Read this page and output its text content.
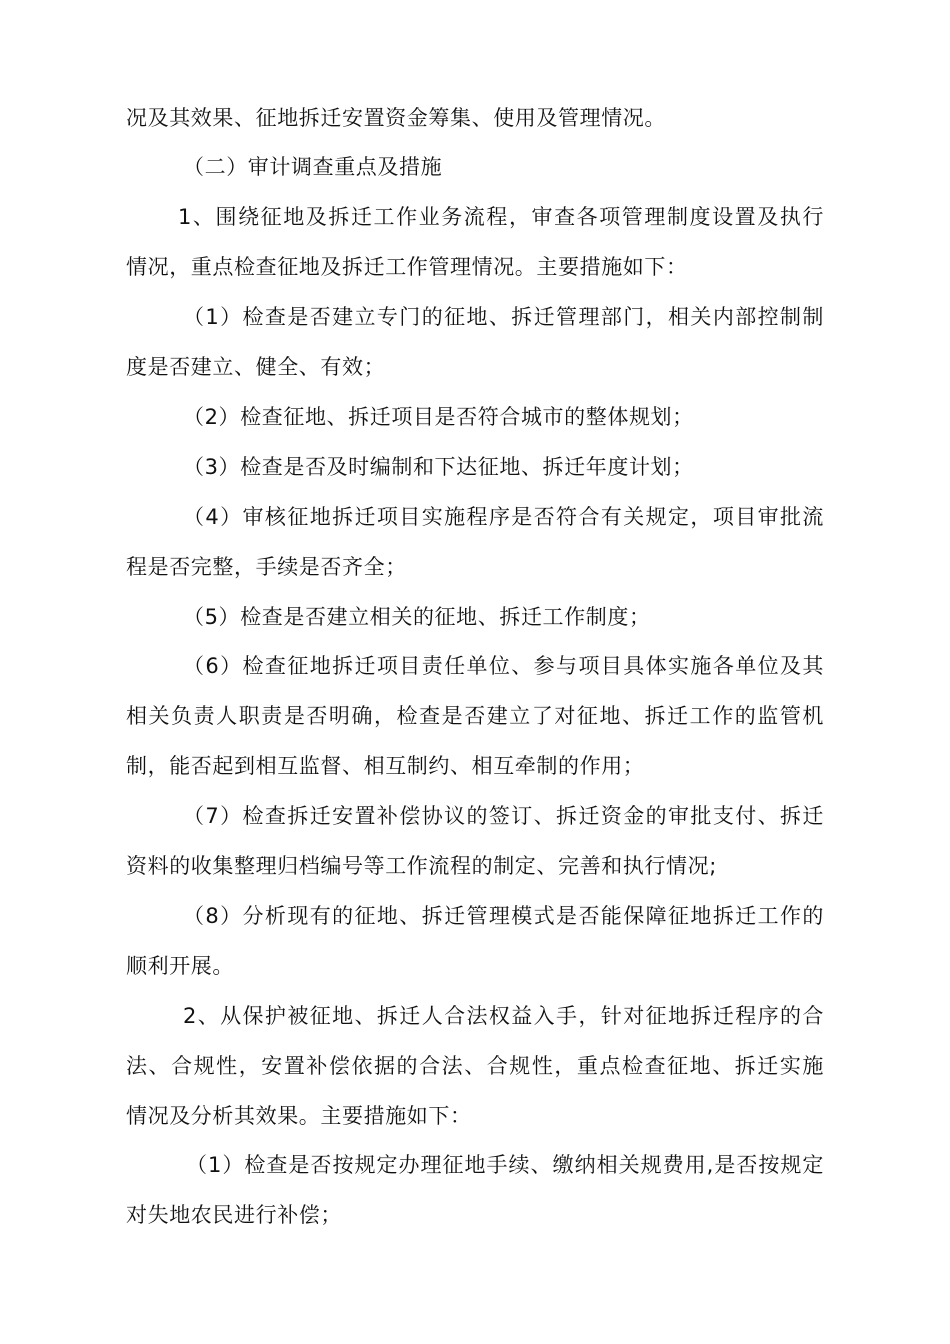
况及其效果、征地拆迁安置资金筹集、使用及管理情况。
（二）审计调查重点及措施
1、围绕征地及拆迁工作业务流程，审查各项管理制度设置及执行
情况，重点检查征地及拆迁工作管理情况。主要措施如下：
（1）检查是否建立专门的征地、拆迁管理部门，相关内部控制制
度是否建立、健全、有效；
（2）检查征地、拆迁项目是否符合城市的整体规划；
（3）检查是否及时编制和下达征地、拆迁年度计划；
（4）审核征地拆迁项目实施程序是否符合有关规定，项目审批流
程是否完整，手续是否齐全；
（5）检查是否建立相关的征地、拆迁工作制度；
（6）检查征地拆迁项目责任单位、参与项目具体实施各单位及其
相关负责人职责是否明确，检查是否建立了对征地、拆迁工作的监管机
制，能否起到相互监督、相互制约、相互牵制的作用；
（7）检查拆迁安置补偿协议的签订、拆迁资金的审批支付、拆迁
资料的收集整理归档编号等工作流程的制定、完善和执行情况;
（8）分析现有的征地、拆迁管理模式是否能保障征地拆迁工作的
顺利开展。
2、从保护被征地、拆迁人合法权益入手，针对征地拆迁程序的合
法、合规性，安置补偿依据的合法、合规性，重点检查征地、拆迁实施
情况及分析其效果。主要措施如下：
（1）检查是否按规定办理征地手续、缴纳相关规费用,是否按规定
对失地农民进行补偿；
